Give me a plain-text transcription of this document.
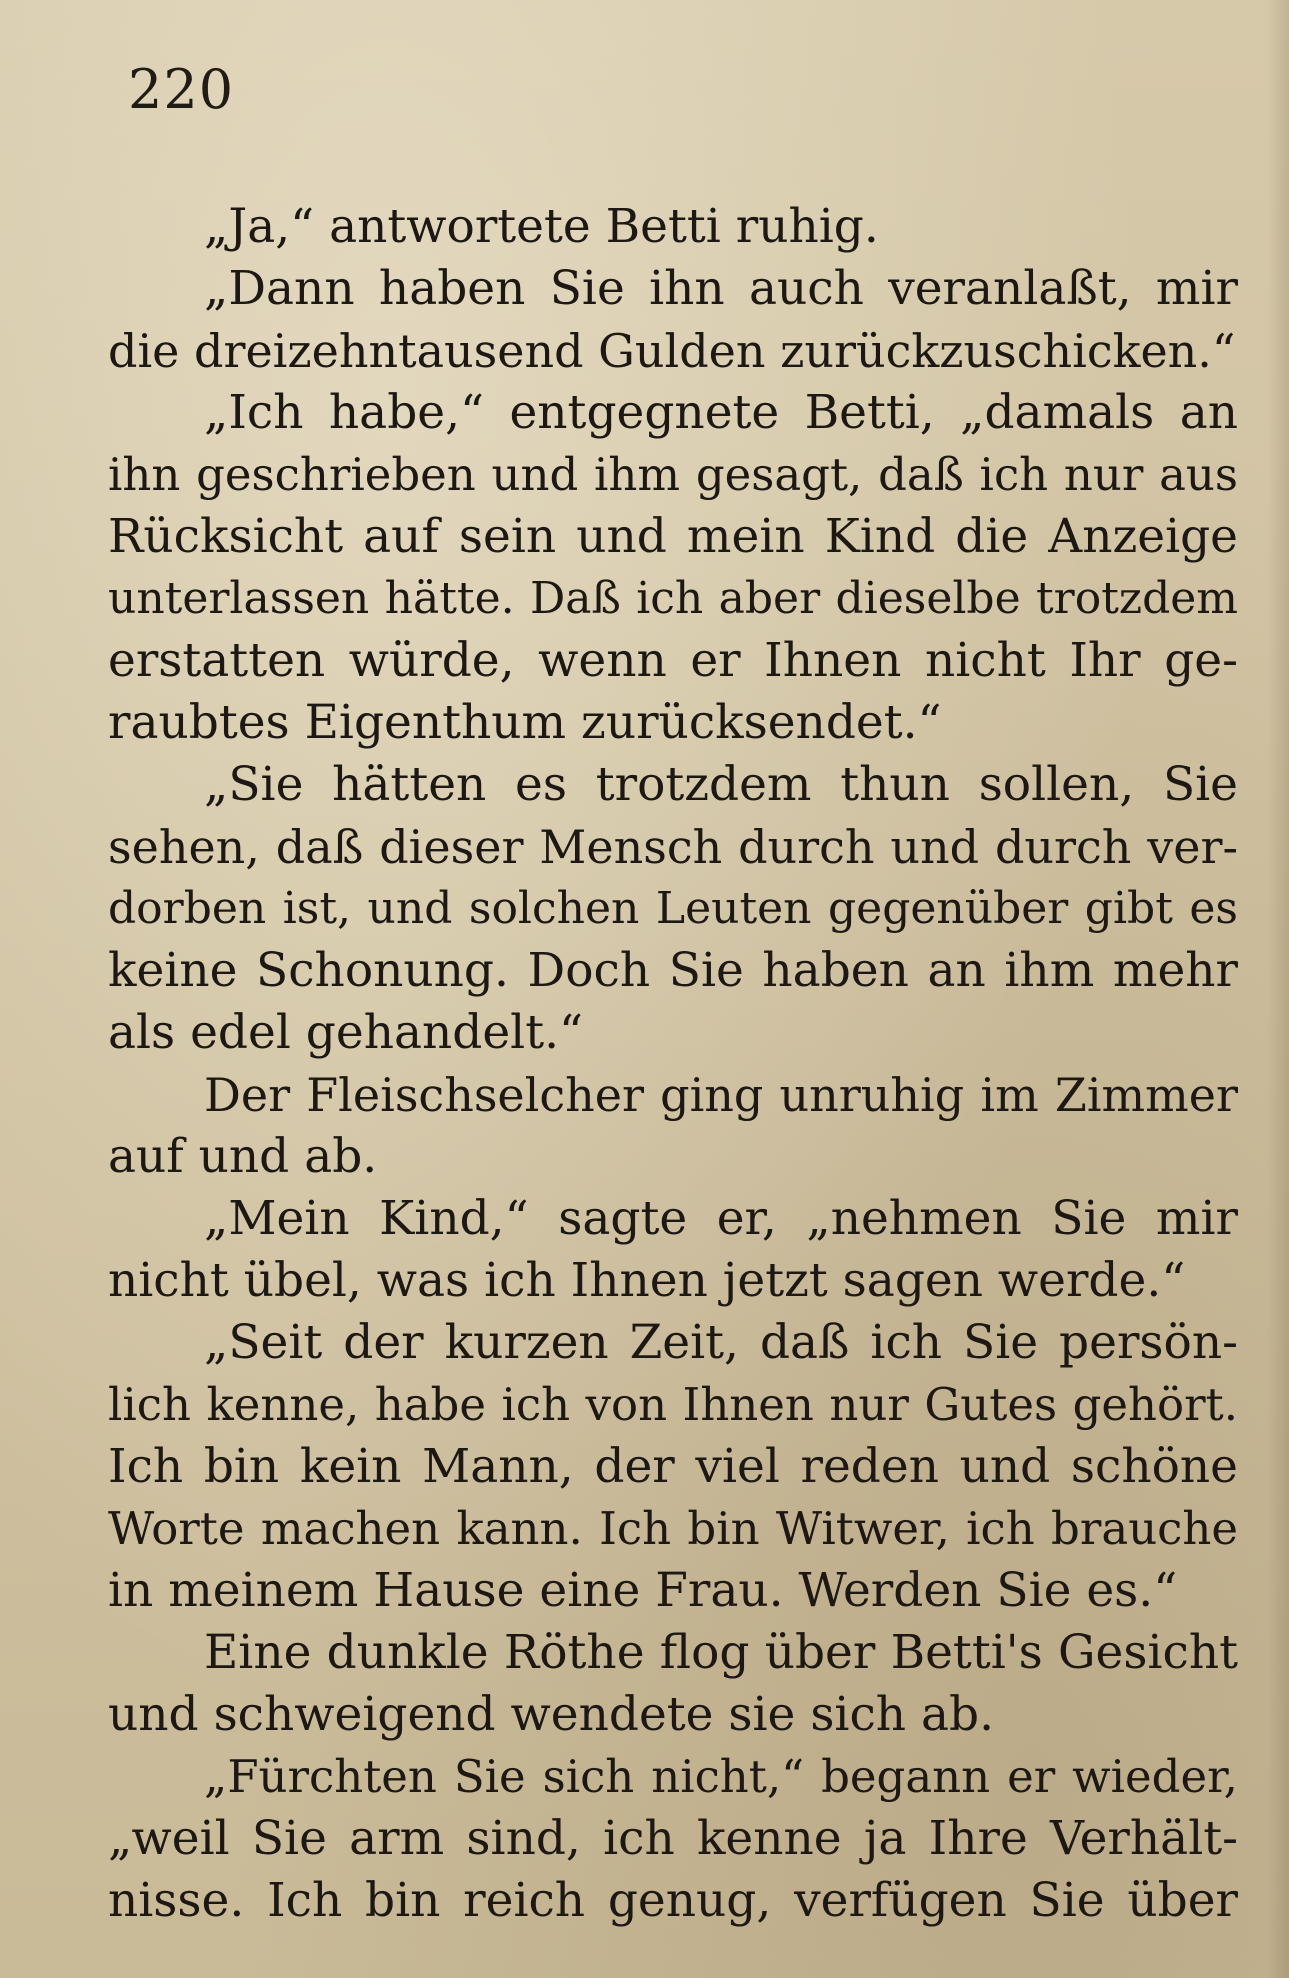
220
„Ja,“ antwortete Betti ruhig.
„Dann haben Sie ihn auch veranlaßt, mir
die dreizehntausend Gulden zurückzuschicken.“
„Ich habe,“ entgegnete Betti, „damals an
ihn geschrieben und ihm gesagt, daß ich nur aus
Rücksicht auf sein und mein Kind die Anzeige
unterlassen hätte. Daß ich aber dieselbe trotzdem
erstatten würde, wenn er Ihnen nicht Ihr ge-
raubtes Eigenthum zurücksendet.“
„Sie hätten es trotzdem thun sollen, Sie
sehen, daß dieser Mensch durch und durch ver-
dorben ist, und solchen Leuten gegenüber gibt es
keine Schonung. Doch Sie haben an ihm mehr
als edel gehandelt.“
Der Fleischselcher ging unruhig im Zimmer
auf und ab.
„Mein Kind,“ sagte er, „nehmen Sie mir
nicht übel, was ich Ihnen jetzt sagen werde.“
„Seit der kurzen Zeit, daß ich Sie persön-
lich kenne, habe ich von Ihnen nur Gutes gehört.
Ich bin kein Mann, der viel reden und schöne
Worte machen kann. Ich bin Witwer, ich brauche
in meinem Hause eine Frau. Werden Sie es.“
Eine dunkle Röthe flog über Betti's Gesicht
und schweigend wendete sie sich ab.
„Fürchten Sie sich nicht,“ begann er wieder,
„weil Sie arm sind, ich kenne ja Ihre Verhält-
nisse. Ich bin reich genug, verfügen Sie über
